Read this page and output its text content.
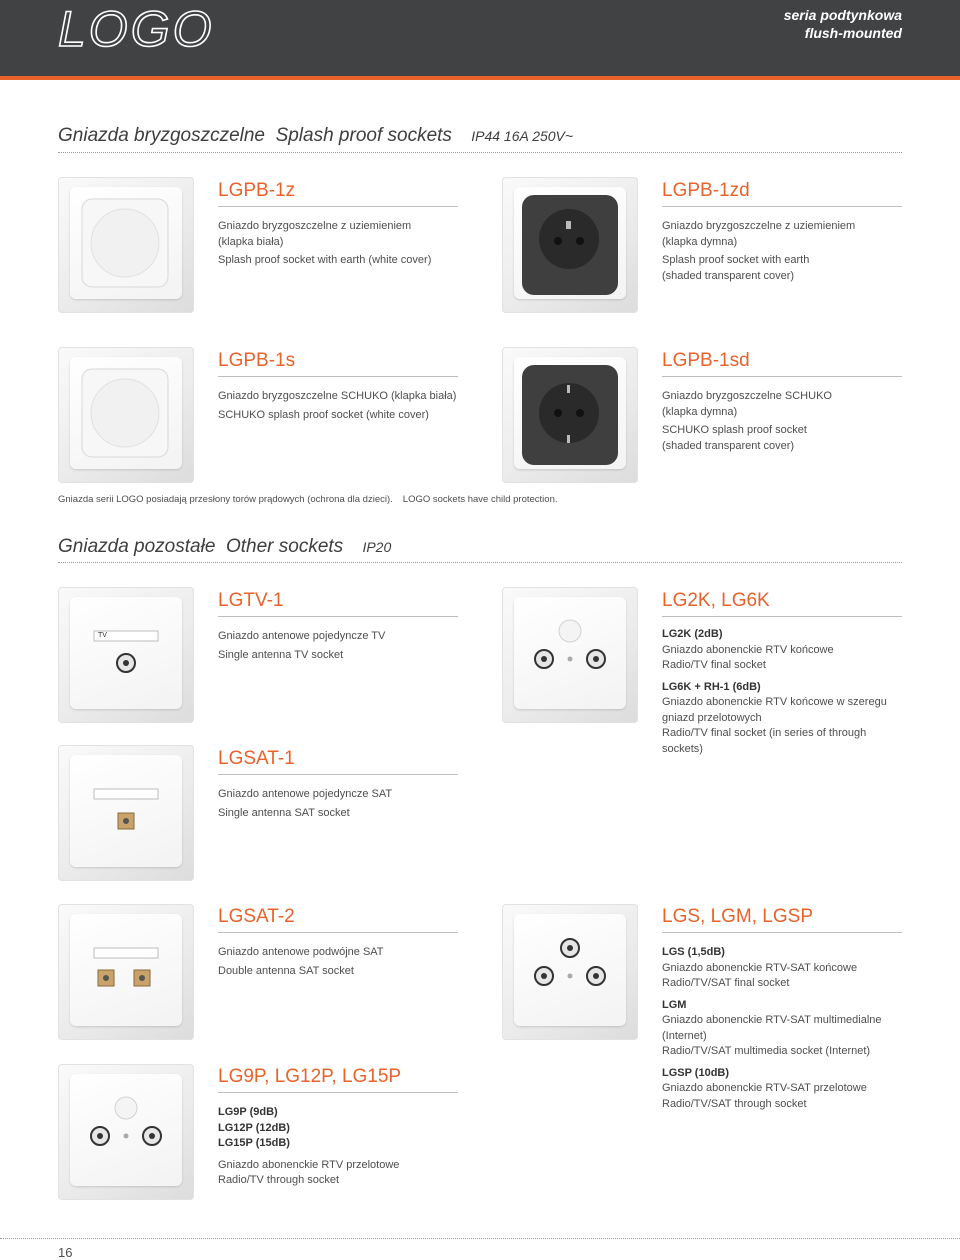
LOGO	seria podtynkowa
flush-mounted
Gniazda bryzgoszczelne Splash proof sockets IP44 16A 250V~
LGPB-1z
Gniazdo bryzgoszczelne z uziemieniem

(klapka biała)

Splash proof socket with earth (white cover)
LGPB-1zd
Gniazdo bryzgoszczelne z uziemieniem

(klapka dymna)

Splash proof socket with earth
(shaded transparent cover)
LGPB-1s

Gniazdo bryzgoszczelne SCHUKO (klapka biała)

SCHUKO splash proof socket (white cover)
LGPB-1sd
Gniazdo bryzgoszczelne SCHUKO

(klapka dymna)

SCHUKO splash proof socket
(shaded transparent cover)
Gniazda serii LOGO posiadają przesłony torów prądowych (ochrona dla dzieci). LOGO sockets have child protection.
Gniazda pozostałe Other sockets IP20
TV
LGTV-1

Gniazdo antenowe pojedyncze TV

Single antenna TV socket
LG2K, LG6K
LG2K (2dB)
Gniazdo abonenckie RTV końcowe

Radio/TV final socket

LG6K + RH-1 (6dB)
Gniazdo abonenckie RTV końcowe w szeregu
gniazd przelotowych
Radio/TV final socket (in series of through
sockets)
LGSAT-1

Gniazdo antenowe pojedyncze SAT

Single antenna SAT socket
LGSAT-2

Gniazdo antenowe podwójne SAT

Double antenna SAT socket
LGS, LGM, LGSP
LGS (1,5dB)
Gniazdo abonenckie RTV-SAT końcowe

Radio/TV/SAT final socket

LGM
Gniazdo abonenckie RTV-SAT multimedialne
(Internet)

Radio/TV/SAT multimedia socket (Internet)

LGSP (10dB)
Gniazdo abonenckie RTV-SAT przelotowe
Radio/TV/SAT through socket
LG9P, LG12P, LG15P
LG9P (9dB)
LG12P (12dB)

LG15P (15dB)

Gniazdo abonenckie RTV przelotowe
Radio/TV through socket
16
